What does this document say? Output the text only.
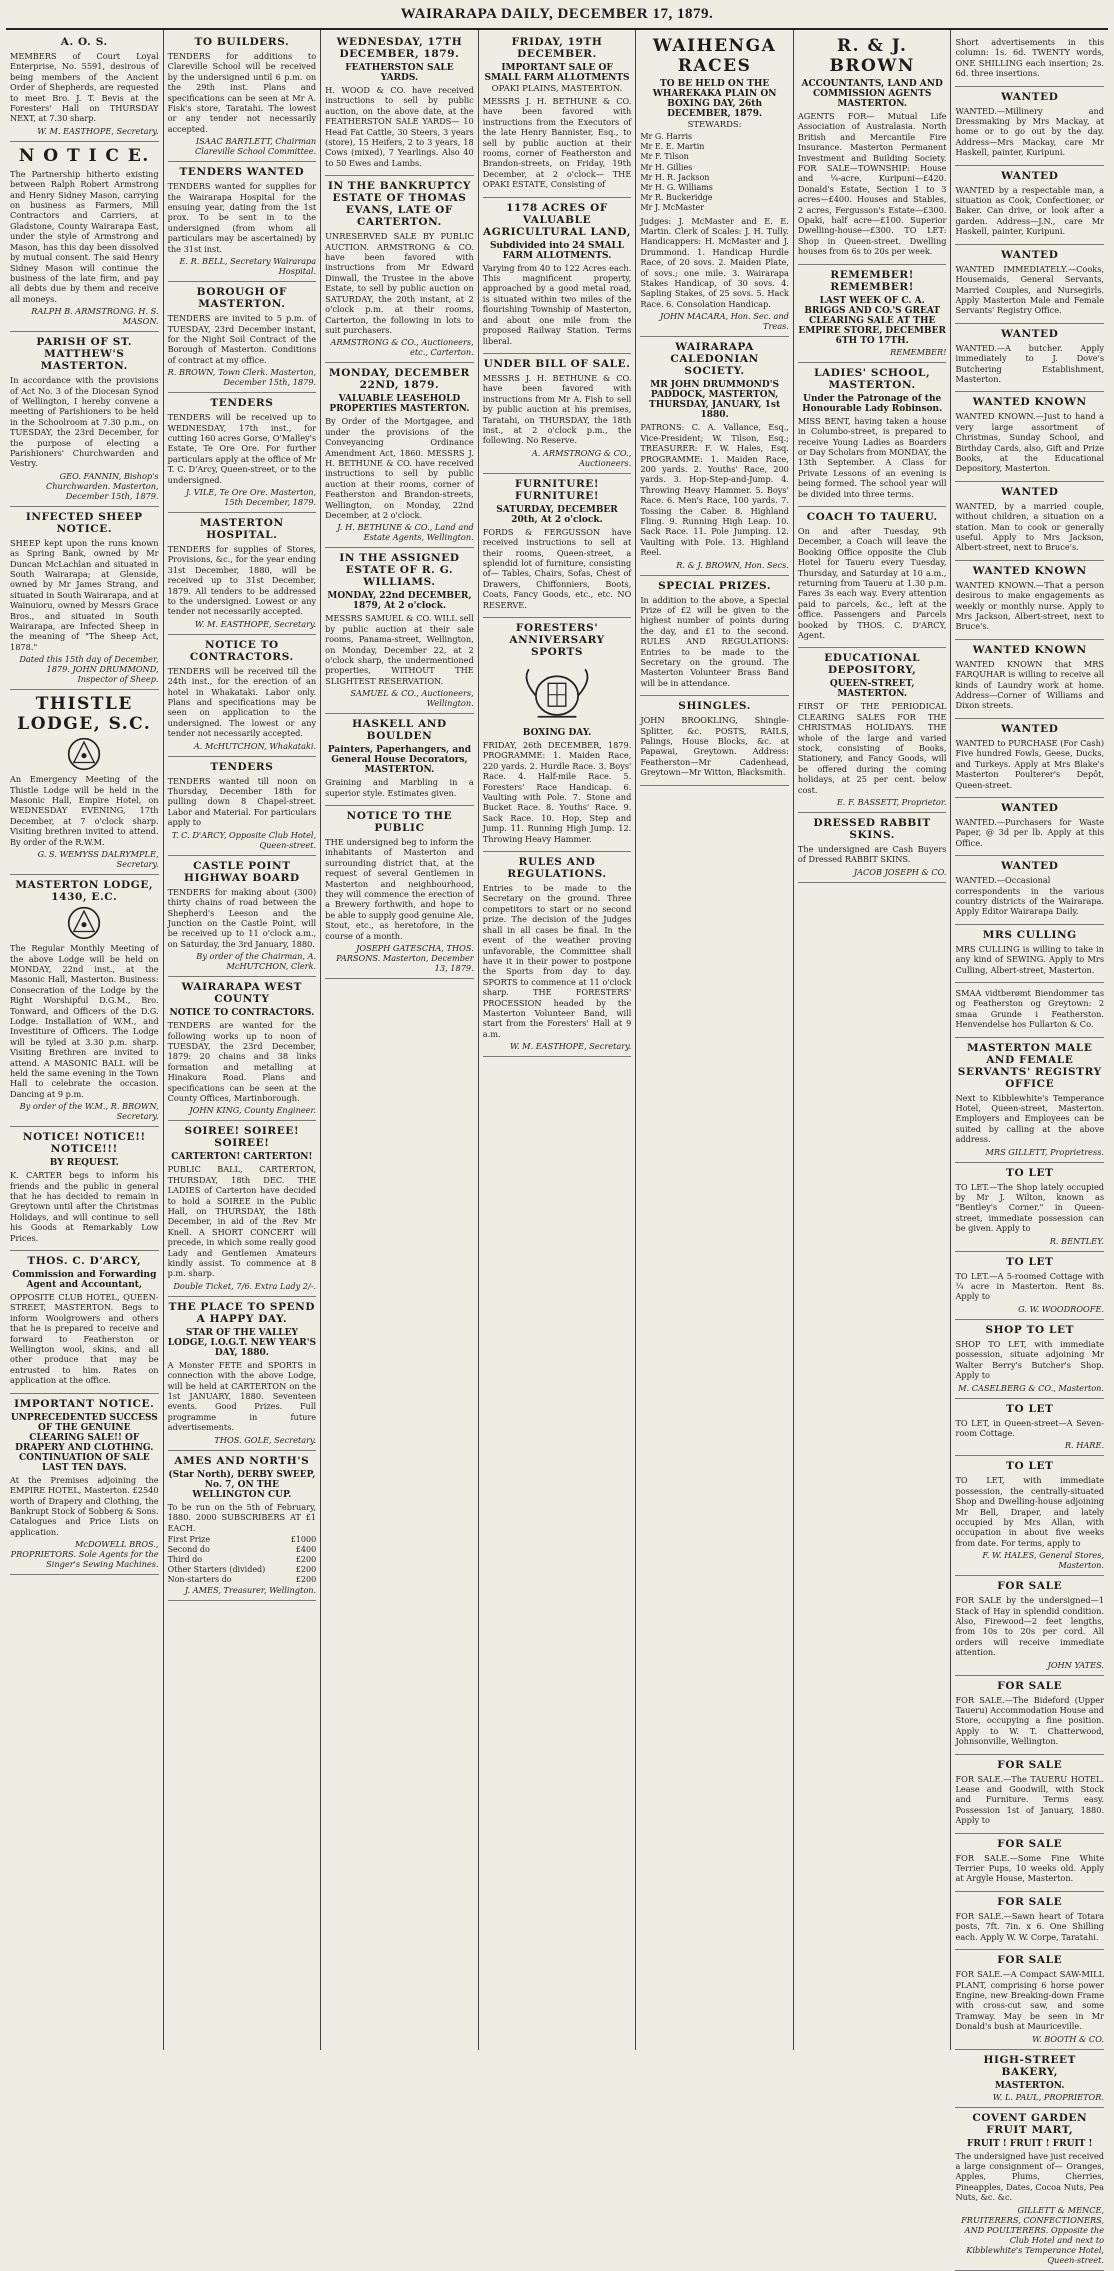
WAIRARAPA DAILY, DECEMBER 17, 1879.
A. O. S.

MEMBERS of Court Loyal Enterprise, No. 5591, desirous of being members of the Ancient Order of Shepherds, are requested to meet Bro. J. T. Bevis at the Foresters' Hall on THURSDAY NEXT, at 7.30 sharp.

W. M. EASTHOPE, Secretary.
N O T I C E.

The Partnership hitherto existing between Ralph Robert Armstrong and Henry Sidney Mason, carrying on business as Farmers, Mill Contractors and Carriers, at Gladstone, County Wairarapa East, under the style of Armstrong and Mason, has this day been dissolved by mutual consent. The said Henry Sidney Mason will continue the business of the late firm, and pay all debts due by them and receive all moneys.

RALPH B. ARMSTRONG. H. S. MASON.
PARISH OF ST. MATTHEW'S MASTERTON.

In accordance with the provisions of Act No. 3 of the Diocesan Synod of Wellington, I hereby convene a meeting of Parishioners to be held in the Schoolroom at 7.30 p.m., on TUESDAY, the 23rd December, for the purpose of electing a Parishioners' Churchwarden and Vestry.

GEO. FANNIN, Bishop's Churchwarden. Masterton, December 15th, 1879.
INFECTED SHEEP NOTICE.

SHEEP kept upon the runs known as Spring Bank, owned by Mr Duncan McLachlan and situated in South Wairarapa; at Glenside, owned by Mr James Strang, and situated in South Wairarapa, and at Wainuioru, owned by Messrs Grace Bros., and situated in South Wairarapa, are Infected Sheep in the meaning of "The Sheep Act, 1878."

Dated this 15th day of December, 1879. JOHN DRUMMOND, Inspector of Sheep.
THISTLE LODGE, S.C.

An Emergency Meeting of the Thistle Lodge will be held in the Masonic Hall, Empire Hotel, on WEDNESDAY EVENING, 17th December, at 7 o'clock sharp. Visiting brethren invited to attend. By order of the R.W.M.

G. S. WEMYSS DALRYMPLE, Secretary.
MASTERTON LODGE, 1430, E.C.

The Regular Monthly Meeting of the above Lodge will be held on MONDAY, 22nd inst., at the Masonic Hall, Masterton. Business: Consecration of the Lodge by the Right Worshipful D.G.M., Bro. Tonward, and Officers of the D.G. Lodge. Installation of W.M., and Investiture of Officers. The Lodge will be tyled at 3.30 p.m. sharp. Visiting Brethren are invited to attend. A MASONIC BALL will be held the same evening in the Town Hall to celebrate the occasion. Dancing at 9 p.m.

By order of the W.M., R. BROWN, Secretary.
NOTICE! NOTICE!! NOTICE!!!
BY REQUEST.

K. CARTER begs to inform his friends and the public in general that he has decided to remain in Greytown until after the Christmas Holidays, and will continue to sell his Goods at Remarkably Low Prices.

THOS. C. D'ARCY,
Commission and Forwarding Agent and Accountant,

OPPOSITE CLUB HOTEL, QUEEN-STREET, MASTERTON. Begs to inform Woolgrowers and others that he is prepared to receive and forward to Featherston or Wellington wool, skins, and all other produce that may be entrusted to him. Rates on application at the office.

IMPORTANT NOTICE.
UNPRECEDENTED SUCCESS OF THE GENUINE CLEARING SALE!! OF DRAPERY AND CLOTHING. CONTINUATION OF SALE LAST TEN DAYS.

At the Premises adjoining the EMPIRE HOTEL, Masterton. £2540 worth of Drapery and Clothing, the Bankrupt Stock of Sobberg & Sons. Catalogues and Price Lists on application.

McDOWELL BROS., PROPRIETORS. Sole Agents for the Singer's Sewing Machines.
TO BUILDERS.

TENDERS for additions to Clareville School will be received by the undersigned until 6 p.m. on the 29th inst. Plans and specifications can be seen at Mr A. Fisk's store, Taratahi. The lowest or any tender not necessarily accepted.

ISAAC BARTLETT, Chairman Clareville School Committee.
TENDERS WANTED

TENDERS wanted for supplies for the Wairarapa Hospital for the ensuing year, dating from the 1st prox. To be sent in to the undersigned (from whom all particulars may be ascertained) by the 31st inst.

E. R. BELL, Secretary Wairarapa Hospital.
BOROUGH OF MASTERTON.

TENDERS are invited to 5 p.m. of TUESDAY, 23rd December instant, for the Night Soil Contract of the Borough of Masterton. Conditions of contract at my office.

R. BROWN, Town Clerk. Masterton, December 15th, 1879.
TENDERS

TENDERS will be received up to WEDNESDAY, 17th inst., for cutting 160 acres Gorse, O'Malley's Estate, Te Ore Ore. For further particulars apply at the office of Mr T. C. D'Arcy, Queen-street, or to the undersigned.

J. VILE, Te Ore Ore. Masterton, 15th December, 1879.
MASTERTON HOSPITAL.

TENDERS for supplies of Stores, Provisions, &c., for the year ending 31st December, 1880, will be received up to 31st December, 1879. All tenders to be addressed to the undersigned. Lowest or any tender not necessarily accepted.

W. M. EASTHOPE, Secretary.
NOTICE TO CONTRACTORS.

TENDERS will be received till the 24th inst., for the erection of an hotel in Whakataki. Labor only. Plans and specifications may be seen on application to the undersigned. The lowest or any tender not necessarily accepted.

A. McHUTCHON, Whakataki.
TENDERS

TENDERS wanted till noon on Thursday, December 18th for pulling down 8 Chapel-street. Labor and Material. For particulars apply to

T. C. D'ARCY, Opposite Club Hotel, Queen-street.
CASTLE POINT HIGHWAY BOARD

TENDERS for making about (300) thirty chains of road between the Shepherd's Leeson and the Junction on the Castle Point, will be received up to 11 o'clock a.m., on Saturday, the 3rd January, 1880.

By order of the Chairman, A. McHUTCHON, Clerk.
WAIRARAPA WEST COUNTY
NOTICE TO CONTRACTORS.

TENDERS are wanted for the following works up to noon of TUESDAY, the 23rd December, 1879: 20 chains and 38 links formation and metalling at Hinakura Road. Plans and specifications can be seen at the County Offices, Martinborough.

JOHN KING, County Engineer.
SOIREE! SOIREE! SOIREE!
CARTERTON! CARTERTON!

PUBLIC BALL, CARTERTON, THURSDAY, 18th DEC. THE LADIES of Carterton have decided to hold a SOIREE in the Public Hall, on THURSDAY, the 18th December, in aid of the Rev Mr Knell. A SHORT CONCERT will precede, in which some really good Lady and Gentlemen Amateurs kindly assist. To commence at 8 p.m. sharp.

Double Ticket, 7/6. Extra Lady 2/-.
THE PLACE TO SPEND A HAPPY DAY.
STAR OF THE VALLEY LODGE, I.O.G.T. NEW YEAR'S DAY, 1880.

A Monster FETE and SPORTS in connection with the above Lodge, will be held at CARTERTON on the 1st JANUARY, 1880. Seventeen events. Good Prizes. Full programme in future advertisements.

THOS. GOLE, Secretary.
AMES AND NORTH'S
(Star North), DERBY SWEEP, No. 7, ON THE WELLINGTON CUP.

To be run on the 5th of February, 1880. 2000 SUBSCRIBERS AT £1 EACH.

First Prize	£1000
Second do	£400
Third do	£200
Other Starters (divided)	£200
Non-starters do	£200
J. AMES, Treasurer, Wellington.
WEDNESDAY, 17TH DECEMBER, 1879.
FEATHERSTON SALE YARDS.

H. WOOD & CO. have received instructions to sell by public auction, on the above date, at the FEATHERSTON SALE YARDS— 10 Head Fat Cattle, 30 Steers, 3 years (store), 15 Heifers, 2 to 3 years, 18 Cows (mixed), 7 Yearlings. Also 40 to 50 Ewes and Lambs.

IN THE BANKRUPTCY ESTATE OF THOMAS EVANS, LATE OF CARTERTON.

UNRESERVED SALE BY PUBLIC AUCTION. ARMSTRONG & CO. have been favored with instructions from Mr Edward Dinwall, the Trustee in the above Estate, to sell by public auction on SATURDAY, the 20th instant, at 2 o'clock p.m. at their rooms, Carterton, the following in lots to suit purchasers.

ARMSTRONG & CO., Auctioneers, etc., Carterton.
MONDAY, DECEMBER 22ND, 1879.
VALUABLE LEASEHOLD PROPERTIES MASTERTON.

By Order of the Mortgagee, and under the provisions of the Conveyancing Ordinance Amendment Act, 1860. MESSRS J. H. BETHUNE & CO. have received instructions to sell by public auction at their rooms, corner of Featherston and Brandon-streets, Wellington, on Monday, 22nd December, at 2 o'clock.

J. H. BETHUNE & CO., Land and Estate Agents, Wellington.
IN THE ASSIGNED ESTATE OF R. G. WILLIAMS.
MONDAY, 22nd DECEMBER, 1879, At 2 o'clock.

MESSRS SAMUEL & CO. WILL sell by public auction at their sale rooms, Panama-street, Wellington, on Monday, December 22, at 2 o'clock sharp, the undermentioned properties, WITHOUT THE SLIGHTEST RESERVATION.

SAMUEL & CO., Auctioneers, Wellington.
HASKELL AND BOULDEN
Painters, Paperhangers, and General House Decorators, MASTERTON.

Graining and Marbling in a superior style. Estimates given.

NOTICE TO THE PUBLIC

THE undersigned beg to inform the inhabitants of Masterton and surrounding district that, at the request of several Gentlemen in Masterton and neighbourhood, they will commence the erection of a Brewery forthwith, and hope to be able to supply good genuine Ale, Stout, etc., as heretofore, in the course of a month.

JOSEPH GATESCHA, THOS. PARSONS. Masterton, December 13, 1879.
FRIDAY, 19TH DECEMBER.
IMPORTANT SALE OF SMALL FARM ALLOTMENTS
OPAKI PLAINS, MASTERTON.

MESSRS J. H. BETHUNE & CO. have been favored with instructions from the Executors of the late Henry Bannister, Esq., to sell by public auction at their rooms, corner of Featherston and Brandon-streets, on Friday, 19th December, at 2 o'clock— THE OPAKI ESTATE, Consisting of

1178 ACRES OF VALUABLE AGRICULTURAL LAND,
Subdivided into 24 SMALL FARM ALLOTMENTS.

Varying from 40 to 122 Acres each. This magnificent property, approached by a good metal road, is situated within two miles of the flourishing Township of Masterton, and about one mile from the proposed Railway Station. Terms liberal.

UNDER BILL OF SALE.

MESSRS J. H. BETHUNE & CO. have been favored with instructions from Mr A. Fish to sell by public auction at his premises, Taratahi, on THURSDAY, the 18th inst., at 2 o'clock p.m., the following. No Reserve.

A. ARMSTRONG & CO., Auctioneers.
FURNITURE! FURNITURE!
SATURDAY, DECEMBER 20th, At 2 o'clock.

FORDS & FERGUSSON have received instructions to sell at their rooms, Queen-street, a splendid lot of furniture, consisting of— Tables, Chairs, Sofas, Chest of Drawers, Chiffonniers, Boots, Coats, Fancy Goods, etc., etc. NO RESERVE.

FORESTERS' ANNIVERSARY SPORTS
BOXING DAY.

FRIDAY, 26th DECEMBER, 1879. PROGRAMME: 1. Maiden Race, 220 yards. 2. Hurdle Race. 3. Boys' Race. 4. Half-mile Race. 5. Foresters' Race Handicap. 6. Vaulting with Pole. 7. Stone and Bucket Race. 8. Youths' Race. 9. Sack Race. 10. Hop, Step and Jump. 11. Running High Jump. 12. Throwing Heavy Hammer.

RULES AND REGULATIONS.

Entries to be made to the Secretary on the ground. Three competitors to start or no second prize. The decision of the Judges shall in all cases be final. In the event of the weather proving unfavorable, the Committee shall have it in their power to postpone the Sports from day to day. SPORTS to commence at 11 o'clock sharp. THE FORESTERS' PROCESSION headed by the Masterton Volunteer Band, will start from the Foresters' Hall at 9 a.m.

W. M. EASTHOPE, Secretary.
WAIHENGA RACES
TO BE HELD ON THE WHAREKAKA PLAIN ON BOXING DAY, 26th DECEMBER, 1879.
STEWARDS:
Mr G. Harris
Mr E. E. Martin
Mr F. Tilson
Mr H. Gillies
Mr H. R. Jackson
Mr H. G. Williams
Mr R. Buckeridge
Mr J. McMaster

Judges: J. McMaster and E. E. Martin. Clerk of Scales: J. H. Tully. Handicappers: H. McMaster and J. Drummond. 1. Handicap Hurdle Race, of 20 sovs. 2. Maiden Plate, of sovs.; one mile. 3. Wairarapa Stakes Handicap, of 30 sovs. 4. Sapling Stakes, of 25 sovs. 5. Hack Race. 6. Consolation Handicap.

JOHN MACARA, Hon. Sec. and Treas.
WAIRARAPA CALEDONIAN SOCIETY.
MR JOHN DRUMMOND'S PADDOCK, MASTERTON, THURSDAY, JANUARY, 1st 1880.

PATRONS: C. A. Vallance, Esq., Vice-President; W. Tilson, Esq.; TREASURER: F. W. Hales, Esq. PROGRAMME: 1. Maiden Race, 200 yards. 2. Youths' Race, 200 yards. 3. Hop-Step-and-Jump. 4. Throwing Heavy Hammer. 5. Boys' Race. 6. Men's Race, 100 yards. 7. Tossing the Caber. 8. Highland Fling. 9. Running High Leap. 10. Sack Race. 11. Pole Jumping. 12. Vaulting with Pole. 13. Highland Reel.

R. & J. BROWN, Hon. Secs.
SPECIAL PRIZES.

In addition to the above, a Special Prize of £2 will be given to the highest number of points during the day, and £1 to the second. RULES AND REGULATIONS: Entries to be made to the Secretary on the ground. The Masterton Volunteer Brass Band will be in attendance.

SHINGLES.

JOHN BROOKLING, Shingle-Splitter, &c. POSTS, RAILS, Palings, House Blocks, &c. at Papawai, Greytown. Address: Featherston—Mr Cadenhead, Greytown—Mr Witton, Blacksmith.

R. & J. BROWN
ACCOUNTANTS, LAND AND COMMISSION AGENTS MASTERTON.

AGENTS FOR— Mutual Life Association of Australasia. North British and Mercantile Fire Insurance. Masterton Permanent Investment and Building Society. FOR SALE—TOWNSHIP: House and ¼-acre, Kuripuni—£420. Donald's Estate, Section 1 to 3 acres—£400. Houses and Stables, 2 acres, Fergusson's Estate—£300. Opaki, half acre—£100. Superior Dwelling-house—£300. TO LET: Shop in Queen-street. Dwelling houses from 6s to 20s per week.

REMEMBER! REMEMBER!
LAST WEEK OF C. A. BRIGGS AND CO.'S GREAT CLEARING SALE AT THE EMPIRE STORE, DECEMBER 6TH TO 17TH.
REMEMBER!
LADIES' SCHOOL, MASTERTON.
Under the Patronage of the Honourable Lady Robinson.

MISS BENT, having taken a house in Columbo-street, is prepared to receive Young Ladies as Boarders or Day Scholars from MONDAY, the 13th September. A Class for Private Lessons of an evening is being formed. The school year will be divided into three terms.

COACH TO TAUERU.

On and after Tuesday, 9th December, a Coach will leave the Booking Office opposite the Club Hotel for Taueru every Tuesday, Thursday, and Saturday at 10 a.m., returning from Taueru at 1.30 p.m. Fares 3s each way. Every attention paid to parcels, &c., left at the office. Passengers and Parcels booked by THOS. C. D'ARCY, Agent.

EDUCATIONAL DEPOSITORY,
QUEEN-STREET, MASTERTON.

FIRST OF THE PERIODICAL CLEARING SALES FOR THE CHRISTMAS HOLIDAYS. THE whole of the large and varied stock, consisting of Books, Stationery, and Fancy Goods, will be offered during the coming holidays, at 25 per cent. below cost.

E. F. BASSETT, Proprietor.
DRESSED RABBIT SKINS.

The undersigned are Cash Buyers of Dressed RABBIT SKINS.

JACOB JOSEPH & CO.

Short advertisements in this column: 1s. 6d. TWENTY words, ONE SHILLING each insertion; 2s. 6d. three insertions.

WANTED

WANTED.—Millinery and Dressmaking by Mrs Mackay, at home or to go out by the day. Address—Mrs Mackay, care Mr Haskell, painter, Kuripuni.

WANTED

WANTED by a respectable man, a situation as Cook, Confectioner, or Baker. Can drive, or look after a garden. Address—J.N., care Mr Haskell, painter, Kuripuni.

WANTED

WANTED IMMEDIATELY.—Cooks, Housemaids, General Servants, Married Couples, and Nursegirls. Apply Masterton Male and Female Servants' Registry Office.

WANTED

WANTED.—A butcher. Apply immediately to J. Dove's Butchering Establishment, Masterton.

WANTED KNOWN

WANTED KNOWN.—Just to hand a very large assortment of Christmas, Sunday School, and Birthday Cards, also, Gift and Prize Books, at the Educational Depository, Masterton.

WANTED

WANTED, by a married couple, without children, a situation on a station. Man to cook or generally useful. Apply to Mrs Jackson, Albert-street, next to Bruce's.

WANTED KNOWN

WANTED KNOWN.—That a person desirous to make engagements as weekly or monthly nurse. Apply to Mrs Jackson, Albert-street, next to Bruce's.

WANTED KNOWN

WANTED KNOWN that MRS FARQUHAR is willing to receive all kinds of Laundry work at home. Address—Corner of Williams and Dixon streets.

WANTED

WANTED to PURCHASE (For Cash) Five hundred Fowls, Geese, Ducks, and Turkeys. Apply at Mrs Blake's Masterton Poulterer's Depôt, Queen-street.

WANTED

WANTED.—Purchasers for Waste Paper, @ 3d per lb. Apply at this Office.

WANTED

WANTED.—Occasional correspondents in the various country districts of the Wairarapa. Apply Editor Wairarapa Daily.

MRS CULLING

MRS CULLING is willing to take in any kind of SEWING. Apply to Mrs Culling, Albert-street, Masterton.

SMAA vidtberømt Biendommer tas og Featherston og Greytown: 2 smaa Grunde i Featherston. Henvendelse hos Fullarton & Co.

MASTERTON MALE AND FEMALE SERVANTS' REGISTRY OFFICE

Next to Kibblewhite's Temperance Hotel, Queen-street, Masterton. Employers and Employees can be suited by calling at the above address.

MRS GILLETT, Proprietress.
TO LET

TO LET.—The Shop lately occupied by Mr J. Wilton, known as "Bentley's Corner," in Queen-street, immediate possession can be given. Apply to

R. BENTLEY.
TO LET

TO LET.—A 5-roomed Cottage with ¼ acre in Masterton. Rent 8s. Apply to

G. W. WOODROOFE.
SHOP TO LET

SHOP TO LET, with immediate possession, situate adjoining Mr Walter Berry's Butcher's Shop. Apply to

M. CASELBERG & CO., Masterton.
TO LET

TO LET, in Queen-street—A Seven-room Cottage.

R. HARE.
TO LET

TO LET, with immediate possession, the centrally-situated Shop and Dwelling-house adjoining Mr Bell, Draper, and lately occupied by Mrs Allan, with occupation in about five weeks from date. For terms, apply to

F. W. HALES, General Stores, Masterton.
FOR SALE

FOR SALE by the undersigned—1 Stack of Hay in splendid condition. Also, Firewood—2 feet lengths, from 10s to 20s per cord. All orders will receive immediate attention.

JOHN YATES.
FOR SALE

FOR SALE.—The Bideford (Upper Taueru) Accommodation House and Store, occupying a fine position. Apply to W. T. Chatterwood, Johnsonville, Wellington.

FOR SALE

FOR SALE.—The TAUERU HOTEL. Lease and Goodwill, with Stock and Furniture. Terms easy. Possession 1st of January, 1880. Apply to

FOR SALE

FOR SALE.—Some Fine White Terrier Pups, 10 weeks old. Apply at Argyle House, Masterton.

FOR SALE

FOR SALE.—Sawn heart of Totara posts, 7ft. 7in. x 6. One Shilling each. Apply W. W. Corpe, Taratahi.

FOR SALE

FOR SALE.—A Compact SAW-MILL PLANT, comprising 6 horse power Engine, new Breaking-down Frame with cross-cut saw, and some Tramway. May be seen in Mr Donald's bush at Mauriceville.

W. BOOTH & CO.
HIGH-STREET BAKERY,
MASTERTON.
W. L. PAUL, PROPRIETOR.
COVENT GARDEN FRUIT MART,
FRUIT ! FRUIT ! FRUIT !

The undersigned have just received a large consignment of— Oranges, Apples, Plums, Cherries, Pineapples, Dates, Cocoa Nuts, Pea Nuts, &c. &c.

GILLETT & MENCE, FRUITERERS, CONFECTIONERS, AND POULTERERS. Opposite the Club Hotel and next to Kibblewhite's Temperance Hotel, Queen-street.
